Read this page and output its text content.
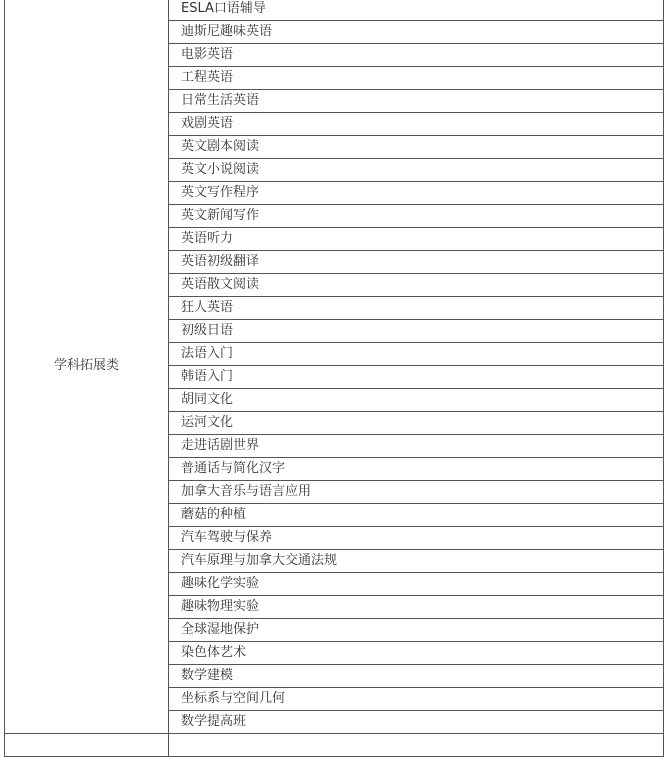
学科拓展类	ESLA口语辅导
	迪斯尼趣味英语
	电影英语
	工程英语
	日常生活英语
	戏剧英语
	英文剧本阅读
	英文小说阅读
	英文写作程序
	英文新闻写作
	英语听力
	英语初级翻译
	英语散文阅读
	狂人英语
	初级日语
	法语入门
	韩语入门
	胡同文化
	运河文化
	走进话剧世界
	普通话与简化汉字
	加拿大音乐与语言应用
	蘑菇的种植
	汽车驾驶与保养
	汽车原理与加拿大交通法规
	趣味化学实验
	趣味物理实验
	全球湿地保护
	染色体艺术
	数学建模
	坐标系与空间几何
	数学提高班
